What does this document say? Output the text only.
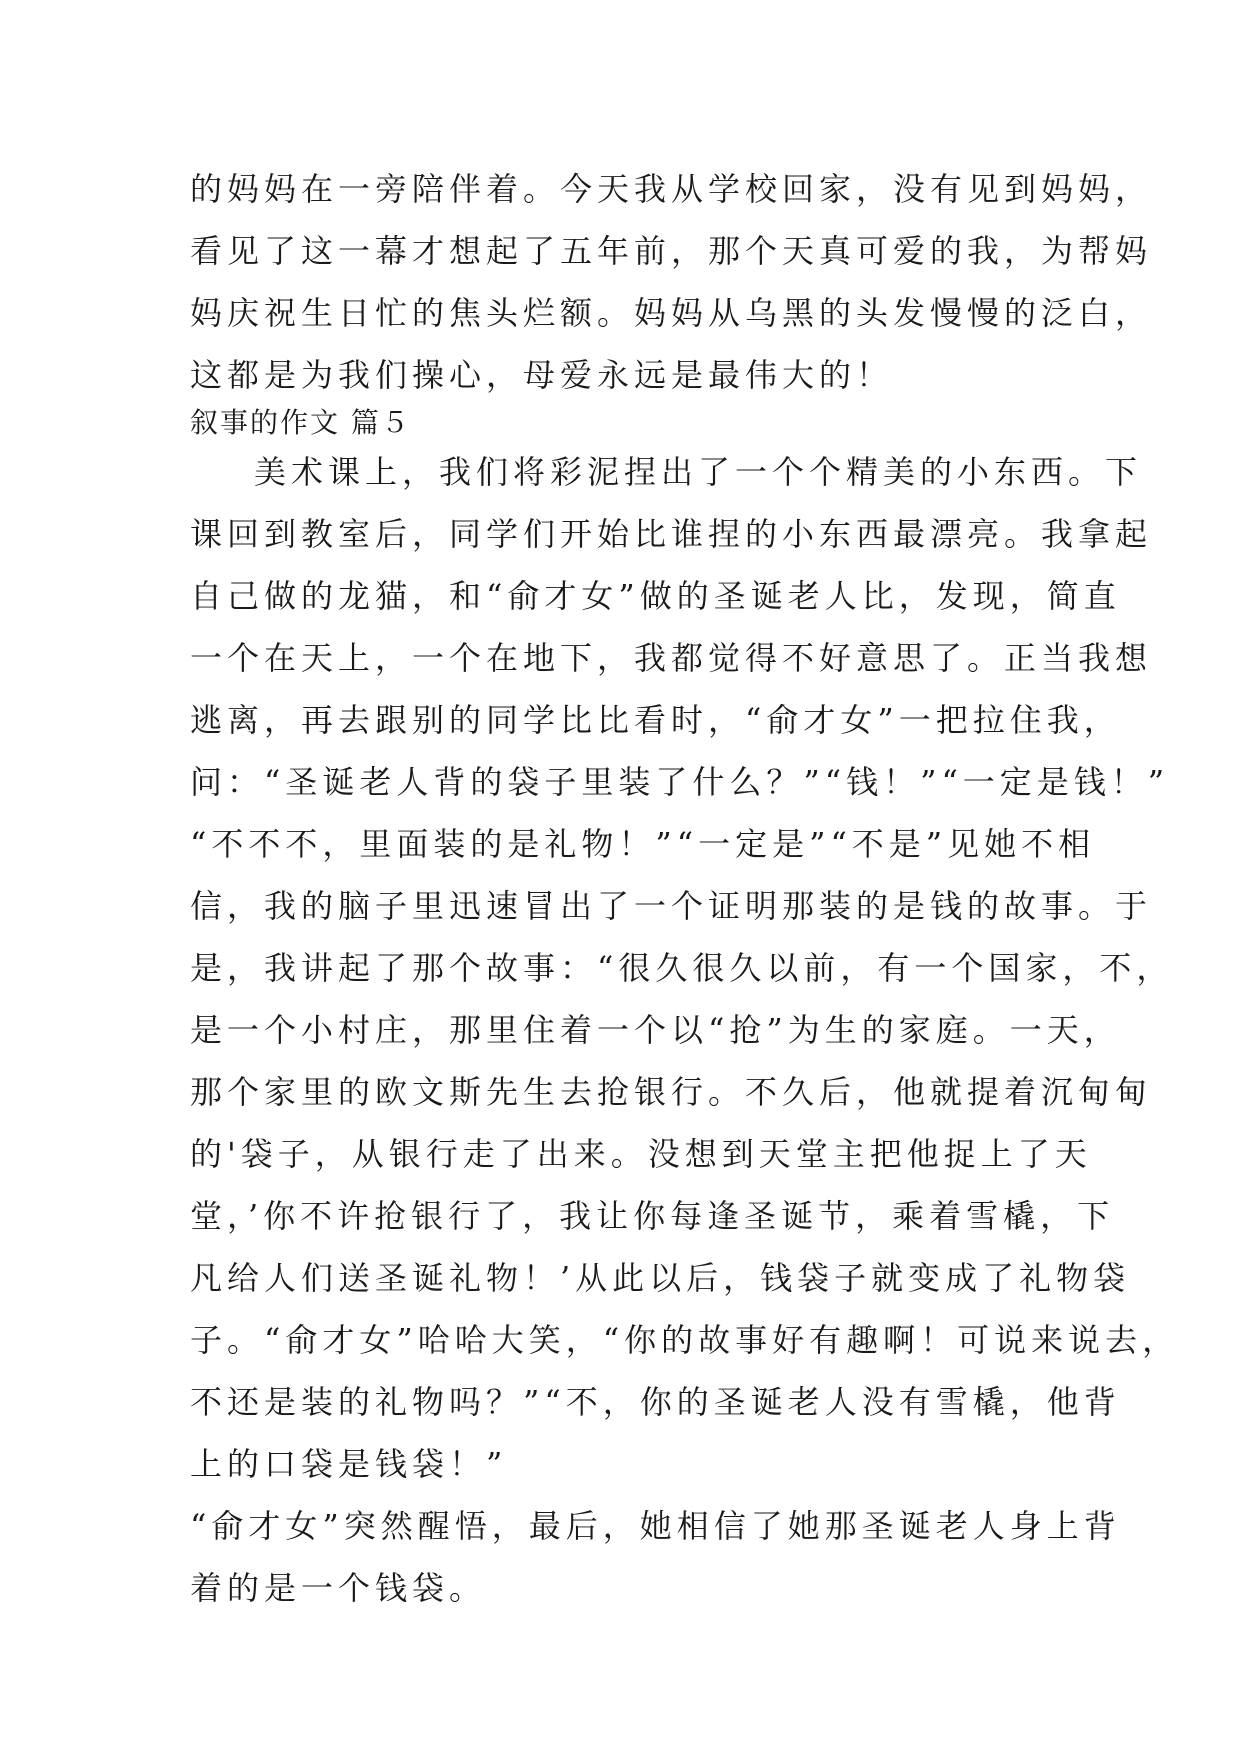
的妈妈在一旁陪伴着。今天我从学校回家，没有见到妈妈，

看见了这一幕才想起了五年前，那个天真可爱的我，为帮妈

妈庆祝生日忙的焦头烂额。妈妈从乌黑的头发慢慢的泛白，

这都是为我们操心，母爱永远是最伟大的！

叙事的作文 篇５

美术课上，我们将彩泥捏出了一个个精美的小东西。下

课回到教室后，同学们开始比谁捏的小东西最漂亮。我拿起

自己做的龙猫，和“俞才女”做的圣诞老人比，发现，简直

一个在天上，一个在地下，我都觉得不好意思了。正当我想

逃离，再去跟别的同学比比看时，“俞才女”一把拉住我，

问：“圣诞老人背的袋子里装了什么？”“钱！”“一定是钱！”

“不不不，里面装的是礼物！”“一定是”“不是”见她不相

信，我的脑子里迅速冒出了一个证明那装的是钱的故事。于

是，我讲起了那个故事：“很久很久以前，有一个国家，不，

是一个小村庄，那里住着一个以“抢”为生的家庭。一天，

那个家里的欧文斯先生去抢银行。不久后，他就提着沉甸甸

的'袋子，从银行走了出来。没想到天堂主把他捉上了天

堂，’你不许抢银行了，我让你每逢圣诞节，乘着雪橇，下

凡给人们送圣诞礼物！’从此以后，钱袋子就变成了礼物袋

子。“俞才女”哈哈大笑，“你的故事好有趣啊！可说来说去，

不还是装的礼物吗？”“不，你的圣诞老人没有雪橇，他背

上的口袋是钱袋！”

“俞才女”突然醒悟，最后，她相信了她那圣诞老人身上背

着的是一个钱袋。
